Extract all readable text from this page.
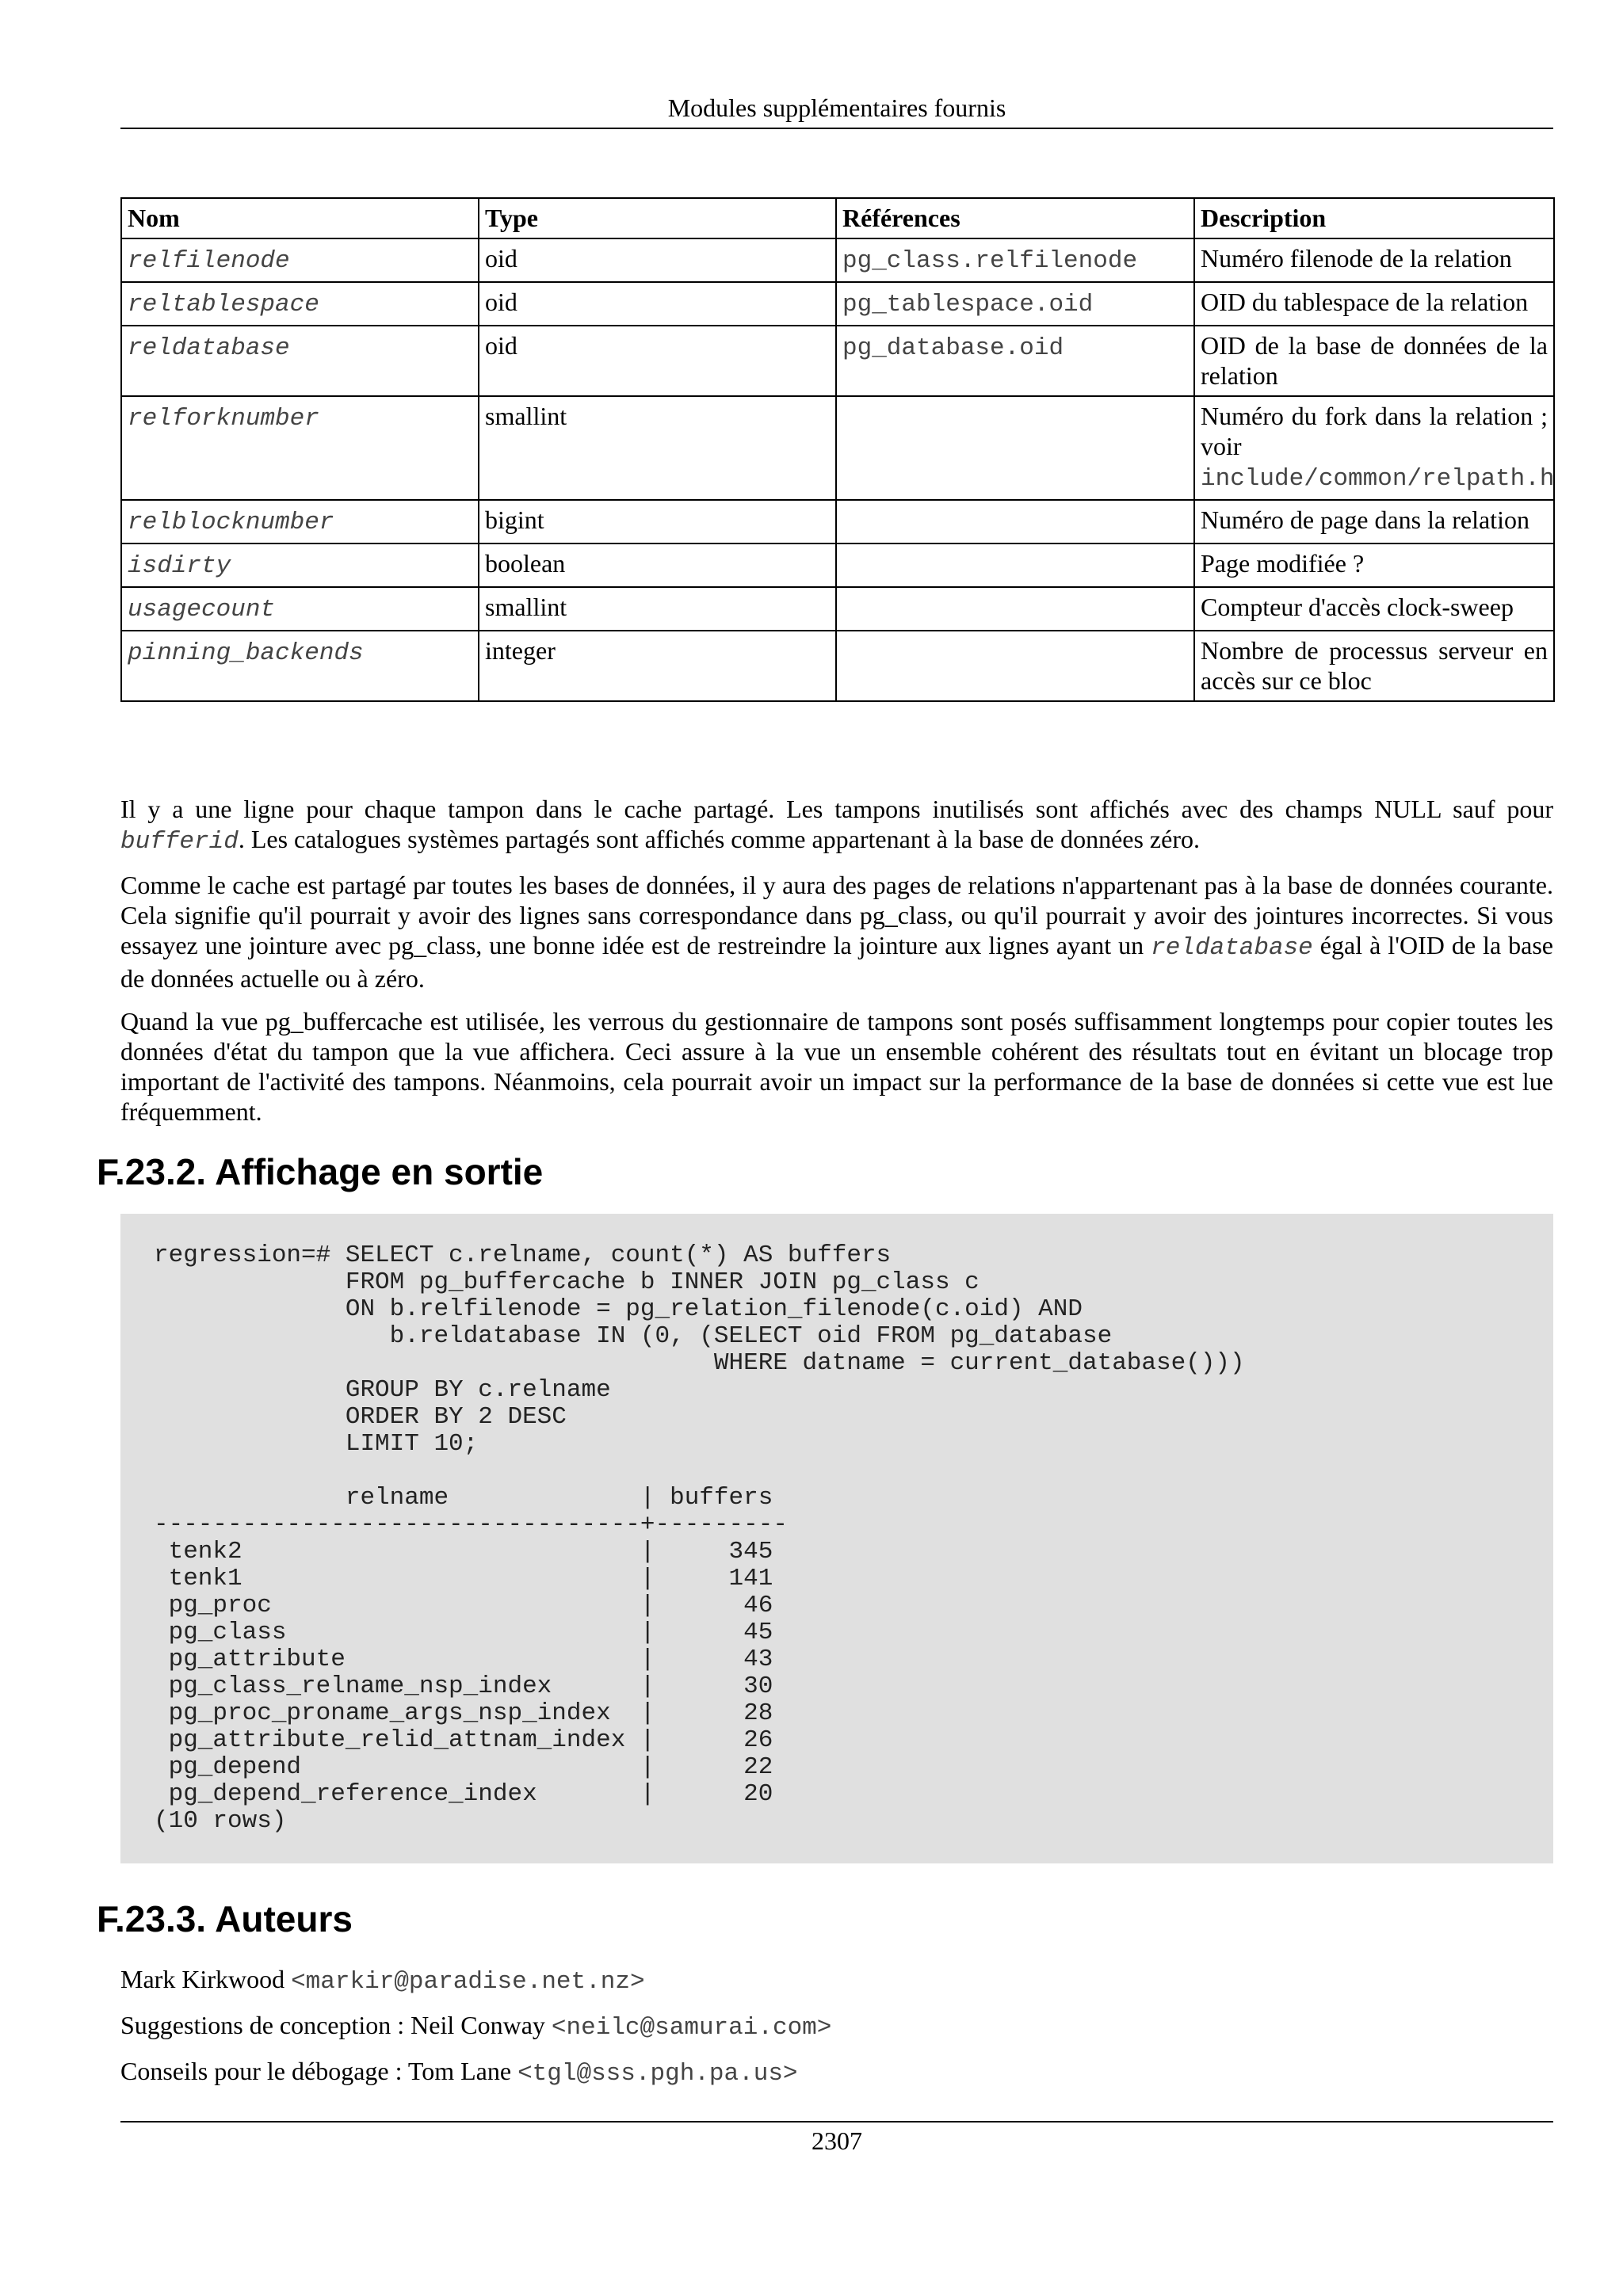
Modules supplémentaires fournis
Nom	Type	Références	Description
relfilenode	oid	pg_class.relfilenode	Numéro filenode de la relation
reltablespace	oid	pg_tablespace.oid	OID du tablespace de la relation
reldatabase	oid	pg_database.oid	OID de la base de données de la relation
relforknumber	smallint		Numéro du fork dans la relation ; voir include/common/relpath.h
relblocknumber	bigint		Numéro de page dans la relation
isdirty	boolean		Page modifiée ?
usagecount	smallint		Compteur d'accès clock-sweep
pinning_backends	integer		Nombre de processus serveur en accès sur ce bloc

Il y a une ligne pour chaque tampon dans le cache partagé. Les tampons inutilisés sont affichés avec des champs NULL sauf pour bufferid. Les catalogues systèmes partagés sont affichés comme appartenant à la base de données zéro.

Comme le cache est partagé par toutes les bases de données, il y aura des pages de relations n'appartenant pas à la base de données courante. Cela signifie qu'il pourrait y avoir des lignes sans correspondance dans pg_class, ou qu'il pourrait y avoir des jointures incorrectes. Si vous essayez une jointure avec pg_class, une bonne idée est de restreindre la jointure aux lignes ayant un reldatabase égal à l'OID de la base de données actuelle ou à zéro.

Quand la vue pg_buffercache est utilisée, les verrous du gestionnaire de tampons sont posés suffisamment longtemps pour copier toutes les données d'état du tampon que la vue affichera. Ceci assure à la vue un ensemble cohérent des résultats tout en évitant un blocage trop important de l'activité des tampons. Néanmoins, cela pourrait avoir un impact sur la performance de la base de données si cette vue est lue fréquemment.

F.23.2. Affichage en sortie
regression=# SELECT c.relname, count(*) AS buffers
FROM pg_buffercache b INNER JOIN pg_class c
ON b.relfilenode = pg_relation_filenode(c.oid) AND
b.reldatabase IN (0, (SELECT oid FROM pg_database
WHERE datname = current_database()))
GROUP BY c.relname
ORDER BY 2 DESC
LIMIT 10;

relname             | buffers
---------------------------------+---------
tenk2                           |     345
tenk1                           |     141
pg_proc                         |      46
pg_class                        |      45
pg_attribute                    |      43
pg_class_relname_nsp_index      |      30
pg_proc_proname_args_nsp_index  |      28
pg_attribute_relid_attnam_index |      26
pg_depend                       |      22
pg_depend_reference_index       |      20
(10 rows)
F.23.3. Auteurs
Mark Kirkwood <markir@paradise.net.nz>
Suggestions de conception : Neil Conway <neilc@samurai.com>
Conseils pour le débogage : Tom Lane <tgl@sss.pgh.pa.us>
2307
